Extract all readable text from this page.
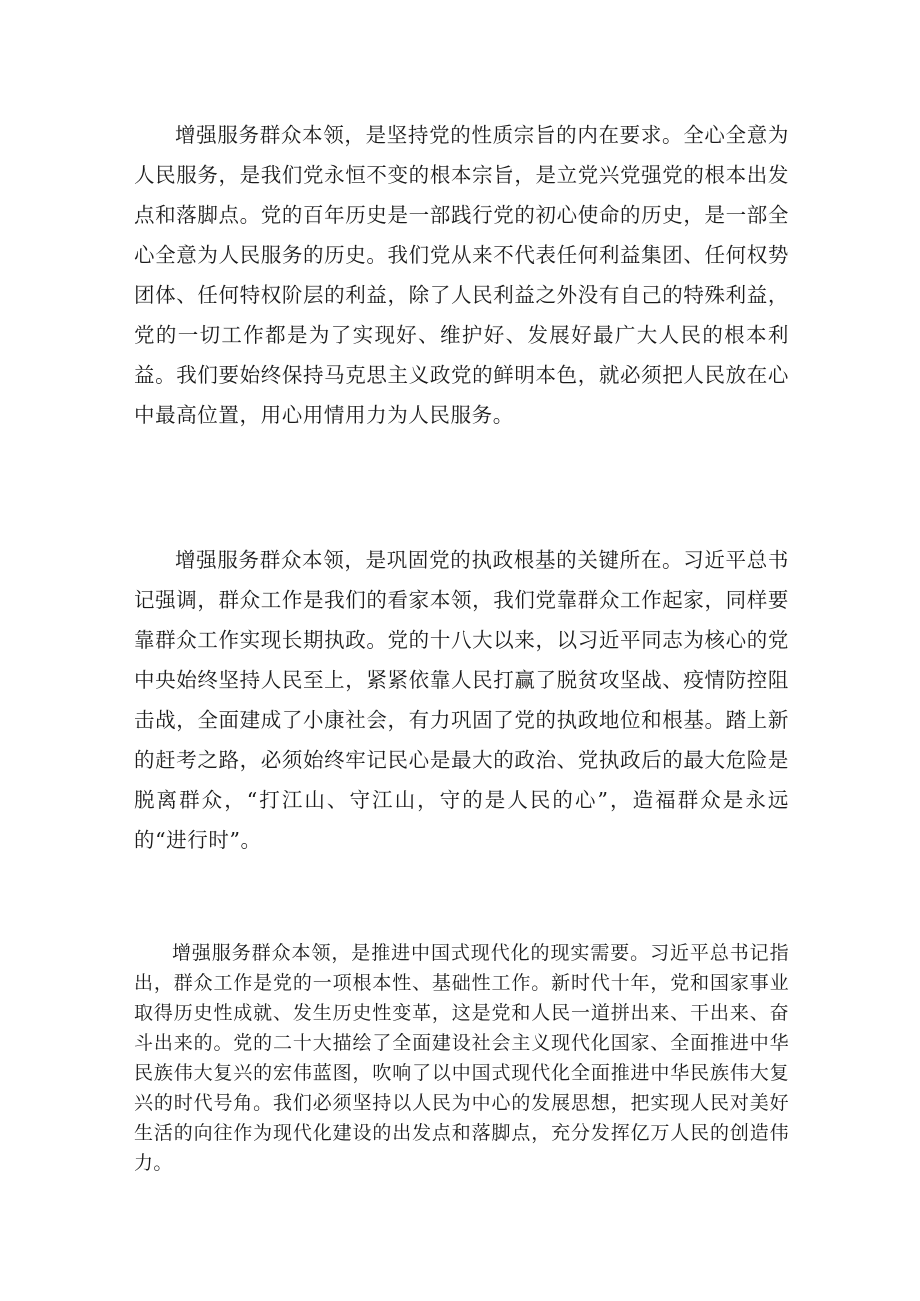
增强服务群众本领，是坚持党的性质宗旨的内在要求。全心全意为人民服务，是我们党永恒不变的根本宗旨，是立党兴党强党的根本出发点和落脚点。党的百年历史是一部践行党的初心使命的历史，是一部全心全意为人民服务的历史。我们党从来不代表任何利益集团、任何权势团体、任何特权阶层的利益，除了人民利益之外没有自己的特殊利益，党的一切工作都是为了实现好、维护好、发展好最广大人民的根本利益。我们要始终保持马克思主义政党的鲜明本色，就必须把人民放在心中最高位置，用心用情用力为人民服务。

增强服务群众本领，是巩固党的执政根基的关键所在。习近平总书记强调，群众工作是我们的看家本领，我们党靠群众工作起家，同样要靠群众工作实现长期执政。党的十八大以来，以习近平同志为核心的党中央始终坚持人民至上，紧紧依靠人民打赢了脱贫攻坚战、疫情防控阻击战，全面建成了小康社会，有力巩固了党的执政地位和根基。踏上新的赶考之路，必须始终牢记民心是最大的政治、党执政后的最大危险是脱离群众，“打江山、守江山，守的是人民的心”，造福群众是永远的“进行时”。

增强服务群众本领，是推进中国式现代化的现实需要。习近平总书记指出，群众工作是党的一项根本性、基础性工作。新时代十年，党和国家事业取得历史性成就、发生历史性变革，这是党和人民一道拼出来、干出来、奋斗出来的。党的二十大描绘了全面建设社会主义现代化国家、全面推进中华民族伟大复兴的宏伟蓝图，吹响了以中国式现代化全面推进中华民族伟大复兴的时代号角。我们必须坚持以人民为中心的发展思想，把实现人民对美好生活的向往作为现代化建设的出发点和落脚点，充分发挥亿万人民的创造伟力。
